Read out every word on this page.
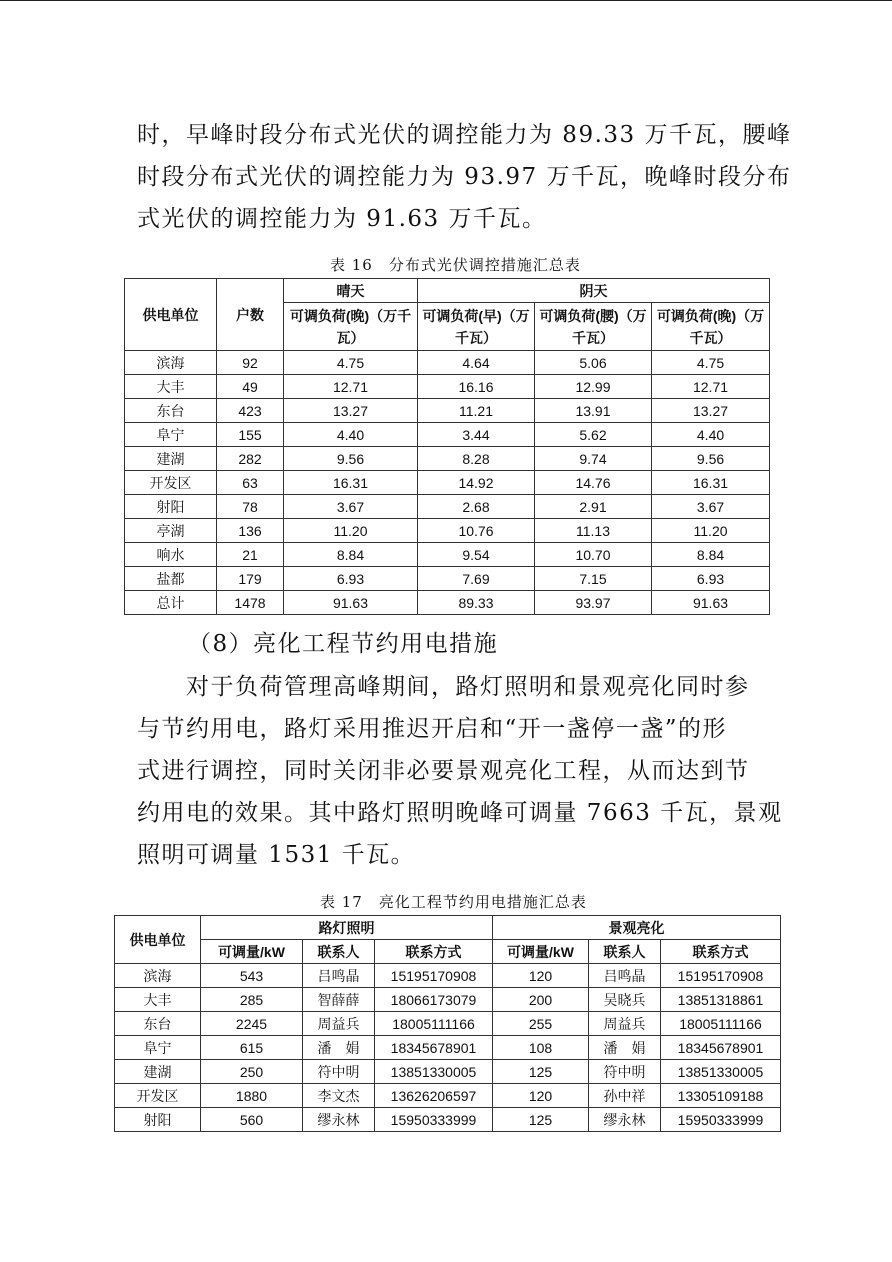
时，早峰时段分布式光伏的调控能力为 89.33 万千瓦，腰峰
时段分布式光伏的调控能力为 93.97 万千瓦，晚峰时段分布
式光伏的调控能力为 91.63 万千瓦。

表 16　分布式光伏调控措施汇总表
供电单位	户数	晴天	阴天		
		可调负荷(晚)（万千瓦）	可调负荷(早)（万千瓦）	可调负荷(腰)（万千瓦）	可调负荷(晚)（万千瓦）
滨海	92	4.75	4.64	5.06	4.75
大丰	49	12.71	16.16	12.99	12.71
东台	423	13.27	11.21	13.91	13.27
阜宁	155	4.40	3.44	5.62	4.40
建湖	282	9.56	8.28	9.74	9.56
开发区	63	16.31	14.92	14.76	16.31
射阳	78	3.67	2.68	2.91	3.67
亭湖	136	11.20	10.76	11.13	11.20
响水	21	8.84	9.54	10.70	8.84
盐都	179	6.93	7.69	7.15	6.93
总计	1478	91.63	89.33	93.97	91.63
（8）亮化工程节约用电措施

　　对于负荷管理高峰期间，路灯照明和景观亮化同时参
与节约用电，路灯采用推迟开启和“开一盏停一盏”的形
式进行调控，同时关闭非必要景观亮化工程，从而达到节
约用电的效果。其中路灯照明晚峰可调量 7663 千瓦，景观
照明可调量 1531 千瓦。

表 17　亮化工程节约用电措施汇总表
供电单位	路灯照明			景观亮化		
	可调量/kW	联系人	联系方式	可调量/kW	联系人	联系方式
滨海	543	吕鸣晶	15195170908	120	吕鸣晶	15195170908
大丰	285	智薛薛	18066173079	200	吴晓兵	13851318861
东台	2245	周益兵	18005111166	255	周益兵	18005111166
阜宁	615	潘　娟	18345678901	108	潘　娟	18345678901
建湖	250	符中明	13851330005	125	符中明	13851330005
开发区	1880	李文杰	13626206597	120	孙中祥	13305109188
射阳	560	缪永林	15950333999	125	缪永林	15950333999
